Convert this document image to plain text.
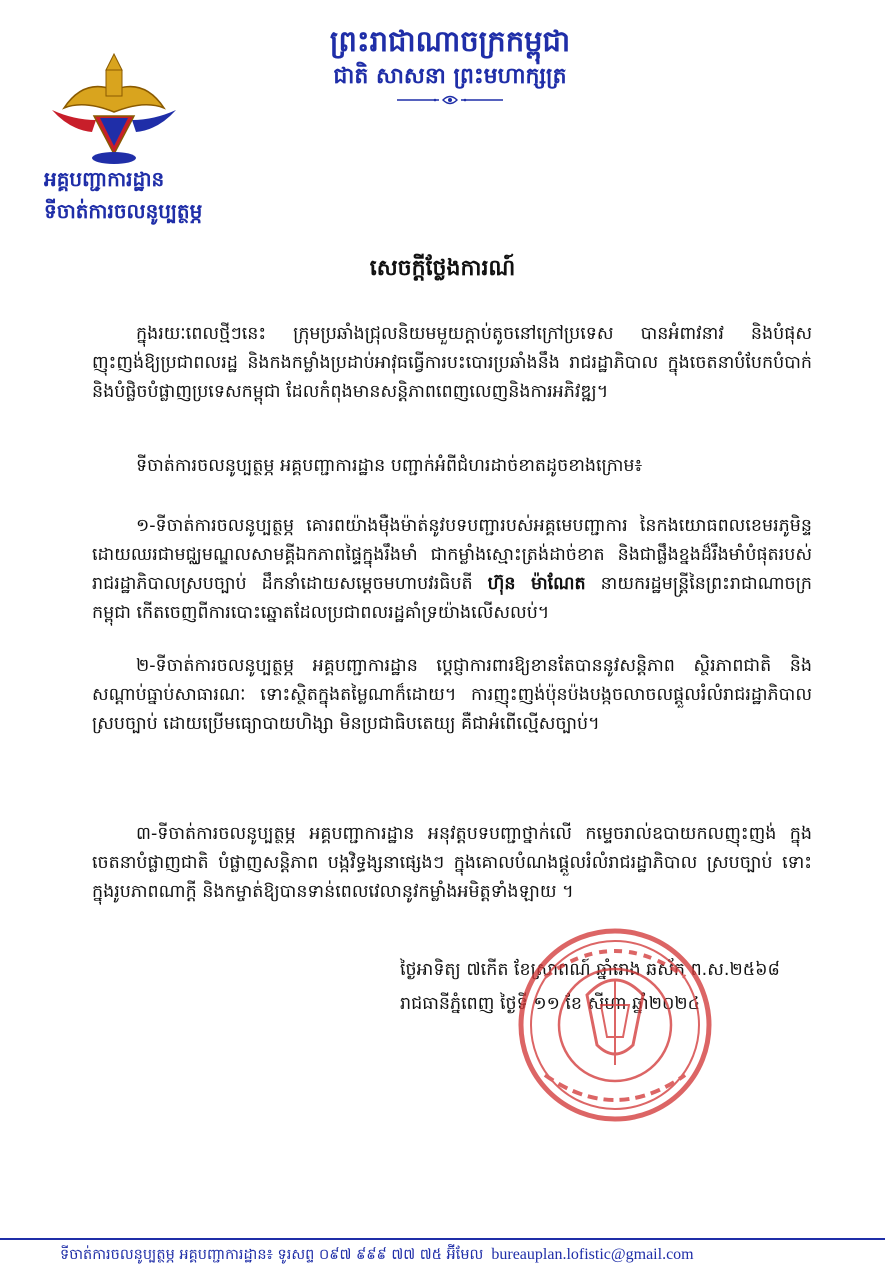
ព្រះរាជាណាចក្រកម្ពុជា
ជាតិ សាសនា ព្រះមហាក្សត្រ
អគ្គបញ្ជាការដ្ឋាន
ទីចាត់ការចលនូប្បត្ថម្ភ
សេចក្តីថ្លែងការណ៍
ក្នុងរយៈពេលថ្មីៗនេះ ក្រុមប្រឆាំងជ្រុលនិយមមួយក្តាប់តូចនៅក្រៅប្រទេស បានអំពាវនាវ និងបំផុសញុះញង់ឱ្យប្រជាពលរដ្ឋ និងកងកម្លាំងប្រដាប់អាវុធធ្វើការបះបោរប្រឆាំងនឹង រាជរដ្ឋាភិបាល ក្នុងចេតនាបំបែកបំបាក់និងបំផ្លិចបំផ្លាញប្រទេសកម្ពុជា ដែលកំពុងមានសន្តិភាពពេញលេញនិងការអភិវឌ្ឍ។
ទីចាត់ការចលនូប្បត្ថម្ភ អគ្គបញ្ជាការដ្ឋាន បញ្ជាក់អំពីជំហរដាច់ខាតដូចខាងក្រោម៖
១-ទីចាត់ការចលនូប្បត្ថម្ភ គោរពយ៉ាងម៉ឺងម៉ាត់នូវបទបញ្ជារបស់អគ្គមេបញ្ជាការ នៃកងយោធពលខេមរភូមិន្ទ ដោយឈរជាមជ្ឈមណ្ឌលសាមគ្គីឯកភាពផ្ទៃក្នុងរឹងមាំ ជាកម្លាំងស្មោះត្រង់ដាច់ខាត និងជាផ្លឹងខ្នងដ៏រឹងមាំបំផុតរបស់រាជរដ្ឋាភិបាលស្របច្បាប់ ដឹកនាំដោយសម្តេចមហាបវរធិបតី ហ៊ុន ម៉ាណែត នាយករដ្ឋមន្ត្រីនៃព្រះរាជាណាចក្រកម្ពុជា កើតចេញពីការបោះឆ្នោតដែលប្រជាពលរដ្ឋគាំទ្រយ៉ាងលើសលប់។
២-ទីចាត់ការចលនូប្បត្ថម្ភ អគ្គបញ្ជាការដ្ឋាន ប្តេជ្ញាការពារឱ្យខានតែបាននូវសន្តិភាព ស្ថិរភាពជាតិ និងសណ្តាប់ធ្នាប់សាធារណៈ ទោះស្ថិតក្នុងតម្លៃណាក៏ដោយ។ ការញុះញង់ប៉ុនប៉ងបង្កចលាចលផ្តួលរំលំរាជរដ្ឋាភិបាលស្របច្បាប់ ដោយប្រើមធ្យោបាយហិង្សា មិនប្រជាធិបតេយ្យ គឺជាអំពើល្មើសច្បាប់។
៣-ទីចាត់ការចលនូប្បត្ថម្ភ អគ្គបញ្ជាការដ្ឋាន អនុវត្តបទបញ្ជាថ្នាក់លើ កម្ទេចរាល់ឧបាយកលញុះញង់ ក្នុងចេតនាបំផ្លាញជាតិ បំផ្លាញសន្តិភាព បង្កវិទ្ធង្សនាផ្សេងៗ ក្នុងគោលបំណងផ្តួលរំលំរាជរដ្ឋាភិបាល ស្របច្បាប់ ទោះក្នុងរូបភាពណាក្តី និងកម្ចាត់ឱ្យបានទាន់ពេលវេលានូវកម្លាំងអមិត្តទាំងឡាយ ។
ថ្ងៃអាទិត្យ ៧កើត ខែស្រាពណ៍ ឆ្នាំរោង ឆស័ក ព.ស.២៥៦៨
រាជធានីភ្នំពេញ ថ្ងៃទី ១១ ខែ សីហា ឆ្នាំ២០២៤
ទីចាត់ការចលនូប្បត្ថម្ភ អគ្គបញ្ជាការដ្ឋាន៖ ទូរសព្ទ ០៩៧ ៩៩៩ ៧៧ ៧៥ អ៊ីមែល bureauplan.lofistic@gmail.com
